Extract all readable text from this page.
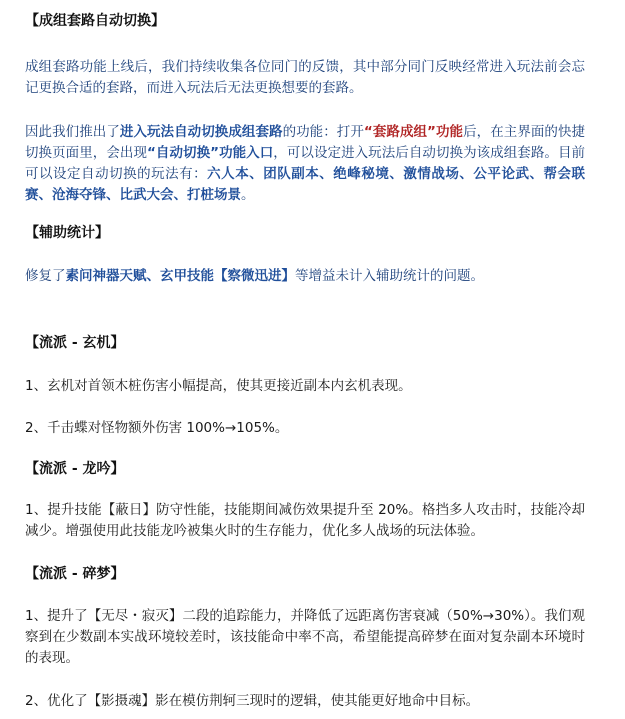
【成组套路自动切换】

成组套路功能上线后，我们持续收集各位同门的反馈，其中部分同门反映经常进入玩法前会忘记更换合适的套路，而进入玩法后无法更换想要的套路。

因此我们推出了进入玩法自动切换成组套路的功能：打开“套路成组”功能后，在主界面的快捷切换页面里，会出现“自动切换”功能入口，可以设定进入玩法后自动切换为该成组套路。目前可以设定自动切换的玩法有：六人本、团队副本、绝峰秘境、激情战场、公平论武、帮会联赛、沧海夺锋、比武大会、打桩场景。

【辅助统计】

修复了素问神器天赋、玄甲技能【察微迅进】等增益未计入辅助统计的问题。

【流派 - 玄机】

1、玄机对首领木桩伤害小幅提高，使其更接近副本内玄机表现。

2、千击蝶对怪物额外伤害 100%→105%。

【流派 - 龙吟】

1、提升技能【蔽日】防守性能，技能期间减伤效果提升至 20%。格挡多人攻击时，技能冷却减少。增强使用此技能龙吟被集火时的生存能力，优化多人战场的玩法体验。

【流派 - 碎梦】

1、提升了【无尽・寂灭】二段的追踪能力，并降低了远距离伤害衰减（50%→30%）。我们观察到在少数副本实战环境较差时，该技能命中率不高，希望能提高碎梦在面对复杂副本环境时的表现。

2、优化了【影摄魂】影在模仿荆轲三现时的逻辑，使其能更好地命中目标。
